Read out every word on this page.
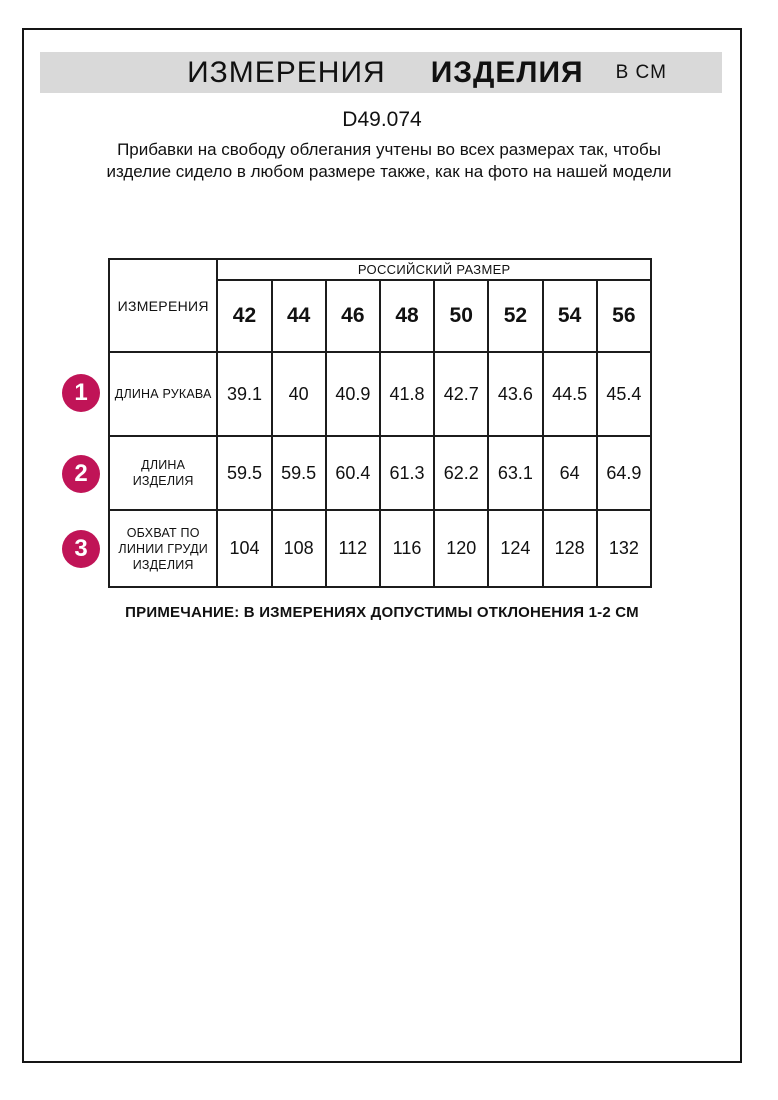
ИЗМЕРЕНИЯ ИЗДЕЛИЯ В СМ
D49.074
Прибавки на свободу облегания учтены во всех размерах так, чтобы изделие сидело в любом размере также, как на фото на нашей модели
ИЗМЕРЕНИЯ	РОССИЙСКИЙ РАЗМЕР							
	42	44	46	48	50	52	54	56
ДЛИНА РУКАВА	39.1	40	40.9	41.8	42.7	43.6	44.5	45.4
ДЛИНА ИЗДЕЛИЯ	59.5	59.5	60.4	61.3	62.2	63.1	64	64.9
ОБХВАТ ПО ЛИНИИ ГРУДИ ИЗДЕЛИЯ	104	108	112	116	120	124	128	132
1
2
3
ПРИМЕЧАНИЕ: В ИЗМЕРЕНИЯХ ДОПУСТИМЫ ОТКЛОНЕНИЯ 1-2 СМ
